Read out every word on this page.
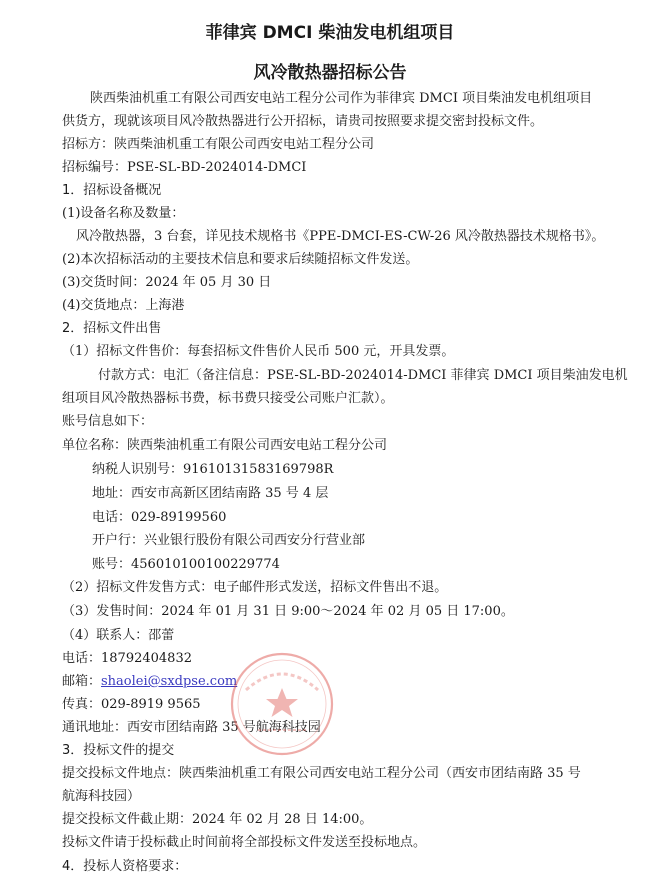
菲律宾 DMCI 柴油发电机组项目
风冷散热器招标公告
陕西柴油机重工有限公司西安电站工程分公司作为菲律宾 DMCI 项目柴油发电机组项目
供货方，现就该项目风冷散热器进行公开招标，请贵司按照要求提交密封投标文件。
招标方：陕西柴油机重工有限公司西安电站工程分公司
招标编号：PSE-SL-BD-2024014-DMCI
1．招标设备概况
(1)设备名称及数量：
风冷散热器，3 台套，详见技术规格书《PPE-DMCI-ES-CW-26 风冷散热器技术规格书》。
(2)本次招标活动的主要技术信息和要求后续随招标文件发送。
(3)交货时间：2024 年 05 月 30 日
(4)交货地点：上海港
2．招标文件出售
（1）招标文件售价：每套招标文件售价人民币 500 元，开具发票。
付款方式：电汇（备注信息：PSE-SL-BD-2024014-DMCI 菲律宾 DMCI 项目柴油发电机
组项目风冷散热器标书费，标书费只接受公司账户汇款）。
账号信息如下：
单位名称：陕西柴油机重工有限公司西安电站工程分公司
纳税人识别号：91610131583169798R
地址：西安市高新区团结南路 35 号 4 层
电话：029-89199560
开户行：兴业银行股份有限公司西安分行营业部
账号：456010100100229774
（2）招标文件发售方式：电子邮件形式发送，招标文件售出不退。
（3）发售时间：2024 年 01 月 31 日 9:00～2024 年 02 月 05 日 17:00。
（4）联系人：邵蕾
电话：18792404832
邮箱：shaolei@sxdpse.com
传真：029-8919 9565
通讯地址：西安市团结南路 35 号航海科技园
3．投标文件的提交
提交投标文件地点：陕西柴油机重工有限公司西安电站工程分公司（西安市团结南路 35 号
航海科技园）
提交投标文件截止期：2024 年 02 月 28 日 14:00。
投标文件请于投标截止时间前将全部投标文件发送至投标地点。
4．投标人资格要求：
